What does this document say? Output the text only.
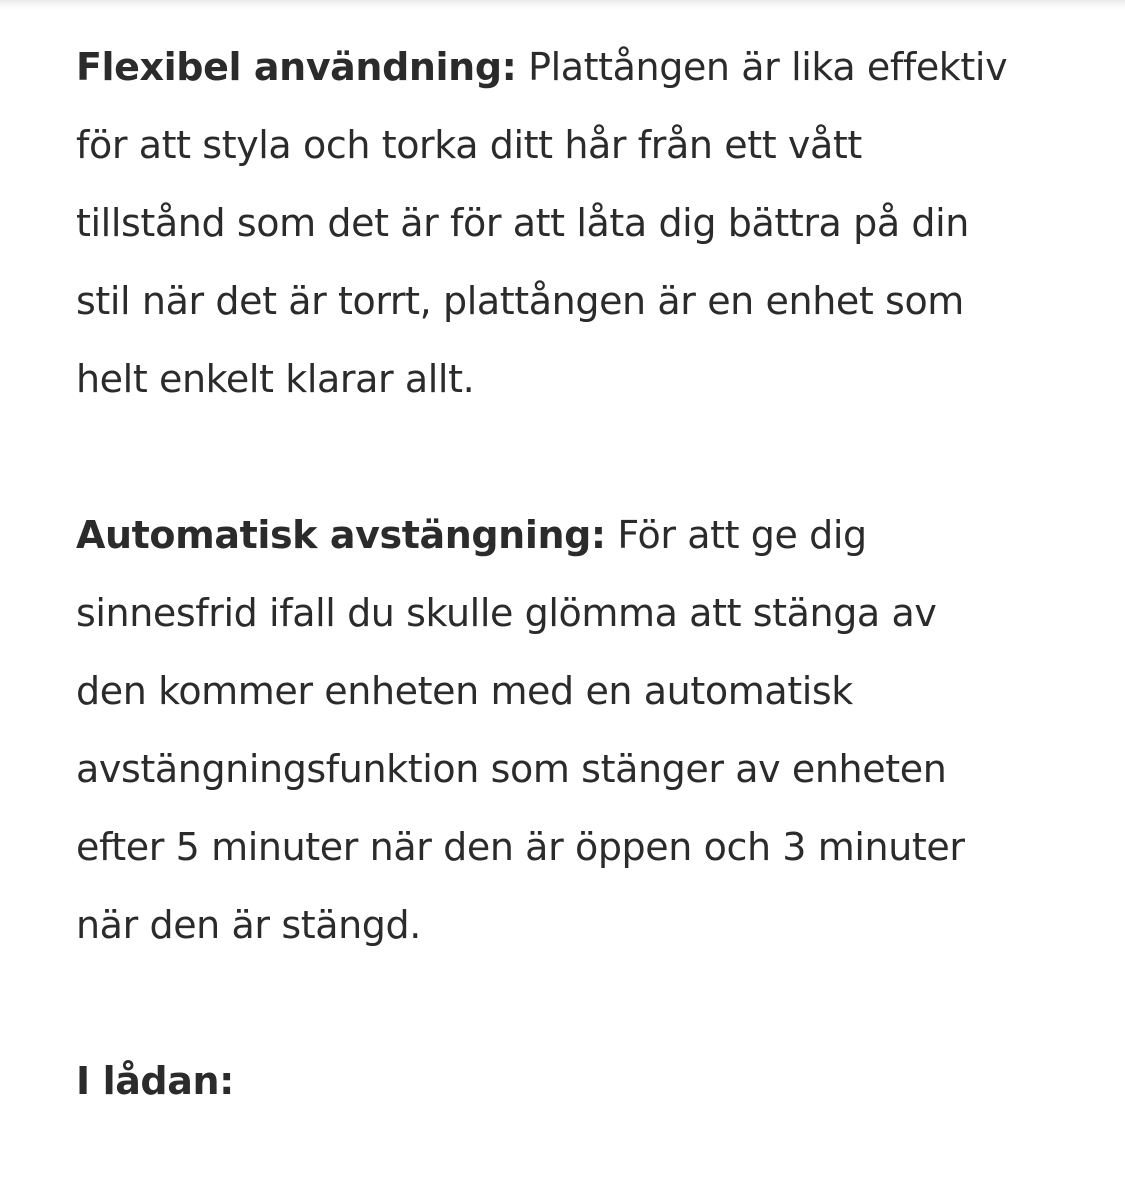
Flexibel användning: Plattången är lika effektiv
för att styla och torka ditt hår från ett vått
tillstånd som det är för att låta dig bättra på din
stil när det är torrt, plattången är en enhet som
helt enkelt klarar allt.
Automatisk avstängning: För att ge dig
sinnesfrid ifall du skulle glömma att stänga av
den kommer enheten med en automatisk
avstängningsfunktion som stänger av enheten
efter 5 minuter när den är öppen och 3 minuter
när den är stängd.
I lådan:
